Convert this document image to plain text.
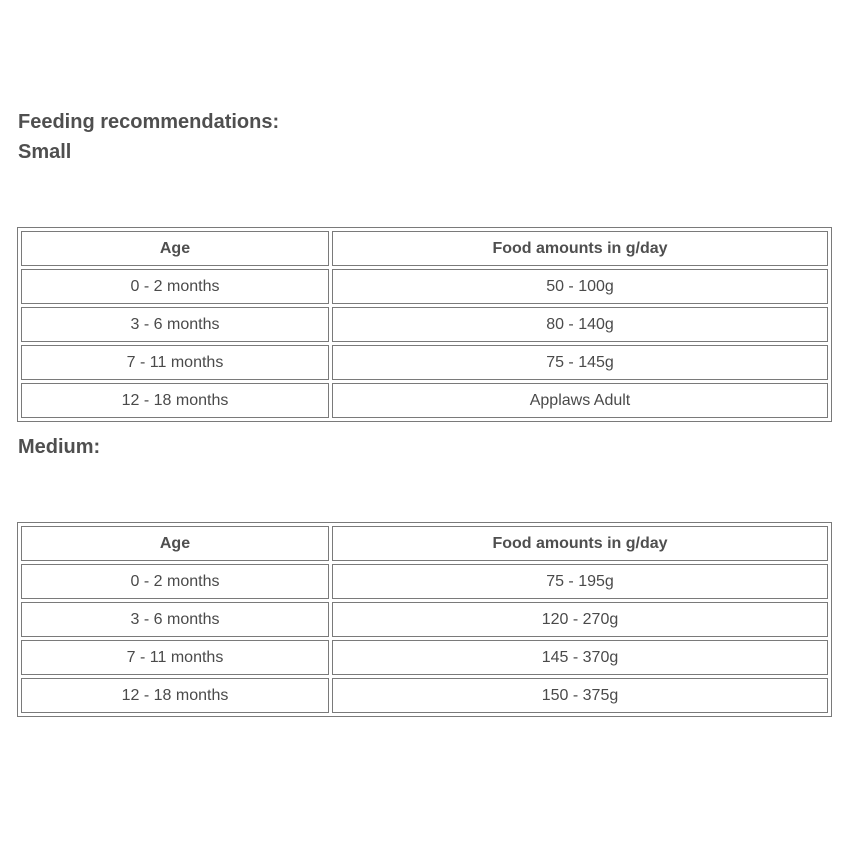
Feeding recommendations:
Small
Age	Food amounts in g/day
0 - 2 months	50 - 100g
3 - 6 months	80 - 140g
7 - 11 months	75 - 145g
12 - 18 months	Applaws Adult
Medium:
Age	Food amounts in g/day
0 - 2 months	75 - 195g
3 - 6 months	120 - 270g
7 - 11 months	145 - 370g
12 - 18 months	150 - 375g
